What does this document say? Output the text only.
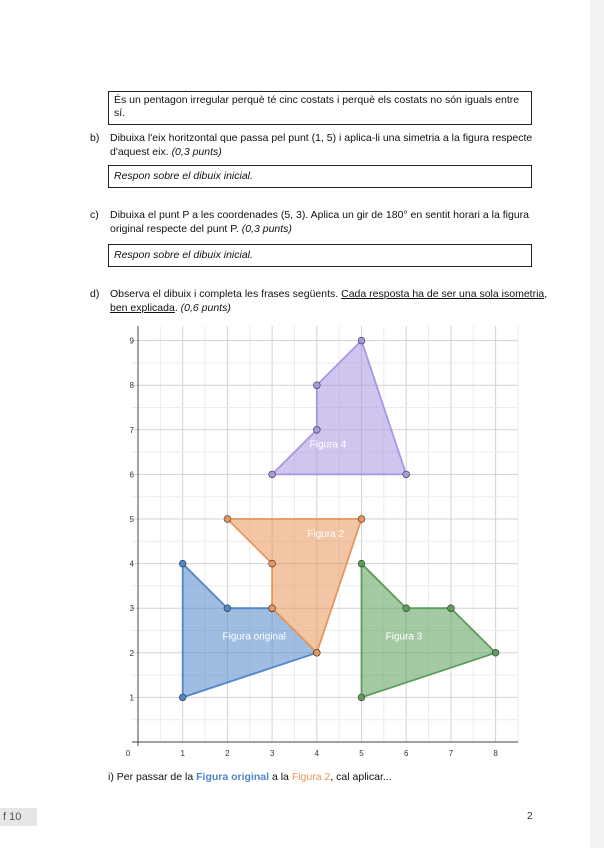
És un pentagon irregular perquè té cinc costats i perquè els costats no són iguals entre sí.
b) Dibuixa l'eix horitzontal que passa pel punt (1, 5) i aplica-li una simetria a la figura respecte d'aquest eix. (0,3 punts)
Respon sobre el dibuix inicial.
c) Dibuixa el punt P a les coordenades (5, 3). Aplica un gir de 180° en sentit horari a la figura original respecte del punt P. (0,3 punts)
Respon sobre el dibuix inicial.
d) Observa el dibuix i completa les frases següents. Cada resposta ha de ser una sola isometria, ben explicada. (0,6 punts)
0	1	2	3	4	5	6	7	8
1
2
3
4
5
6
7
8
9
Figura original
Figura 2
Figura 3
Figura 4
i) Per passar de la Figura original a la Figura 2, cal aplicar...
2
f 10
